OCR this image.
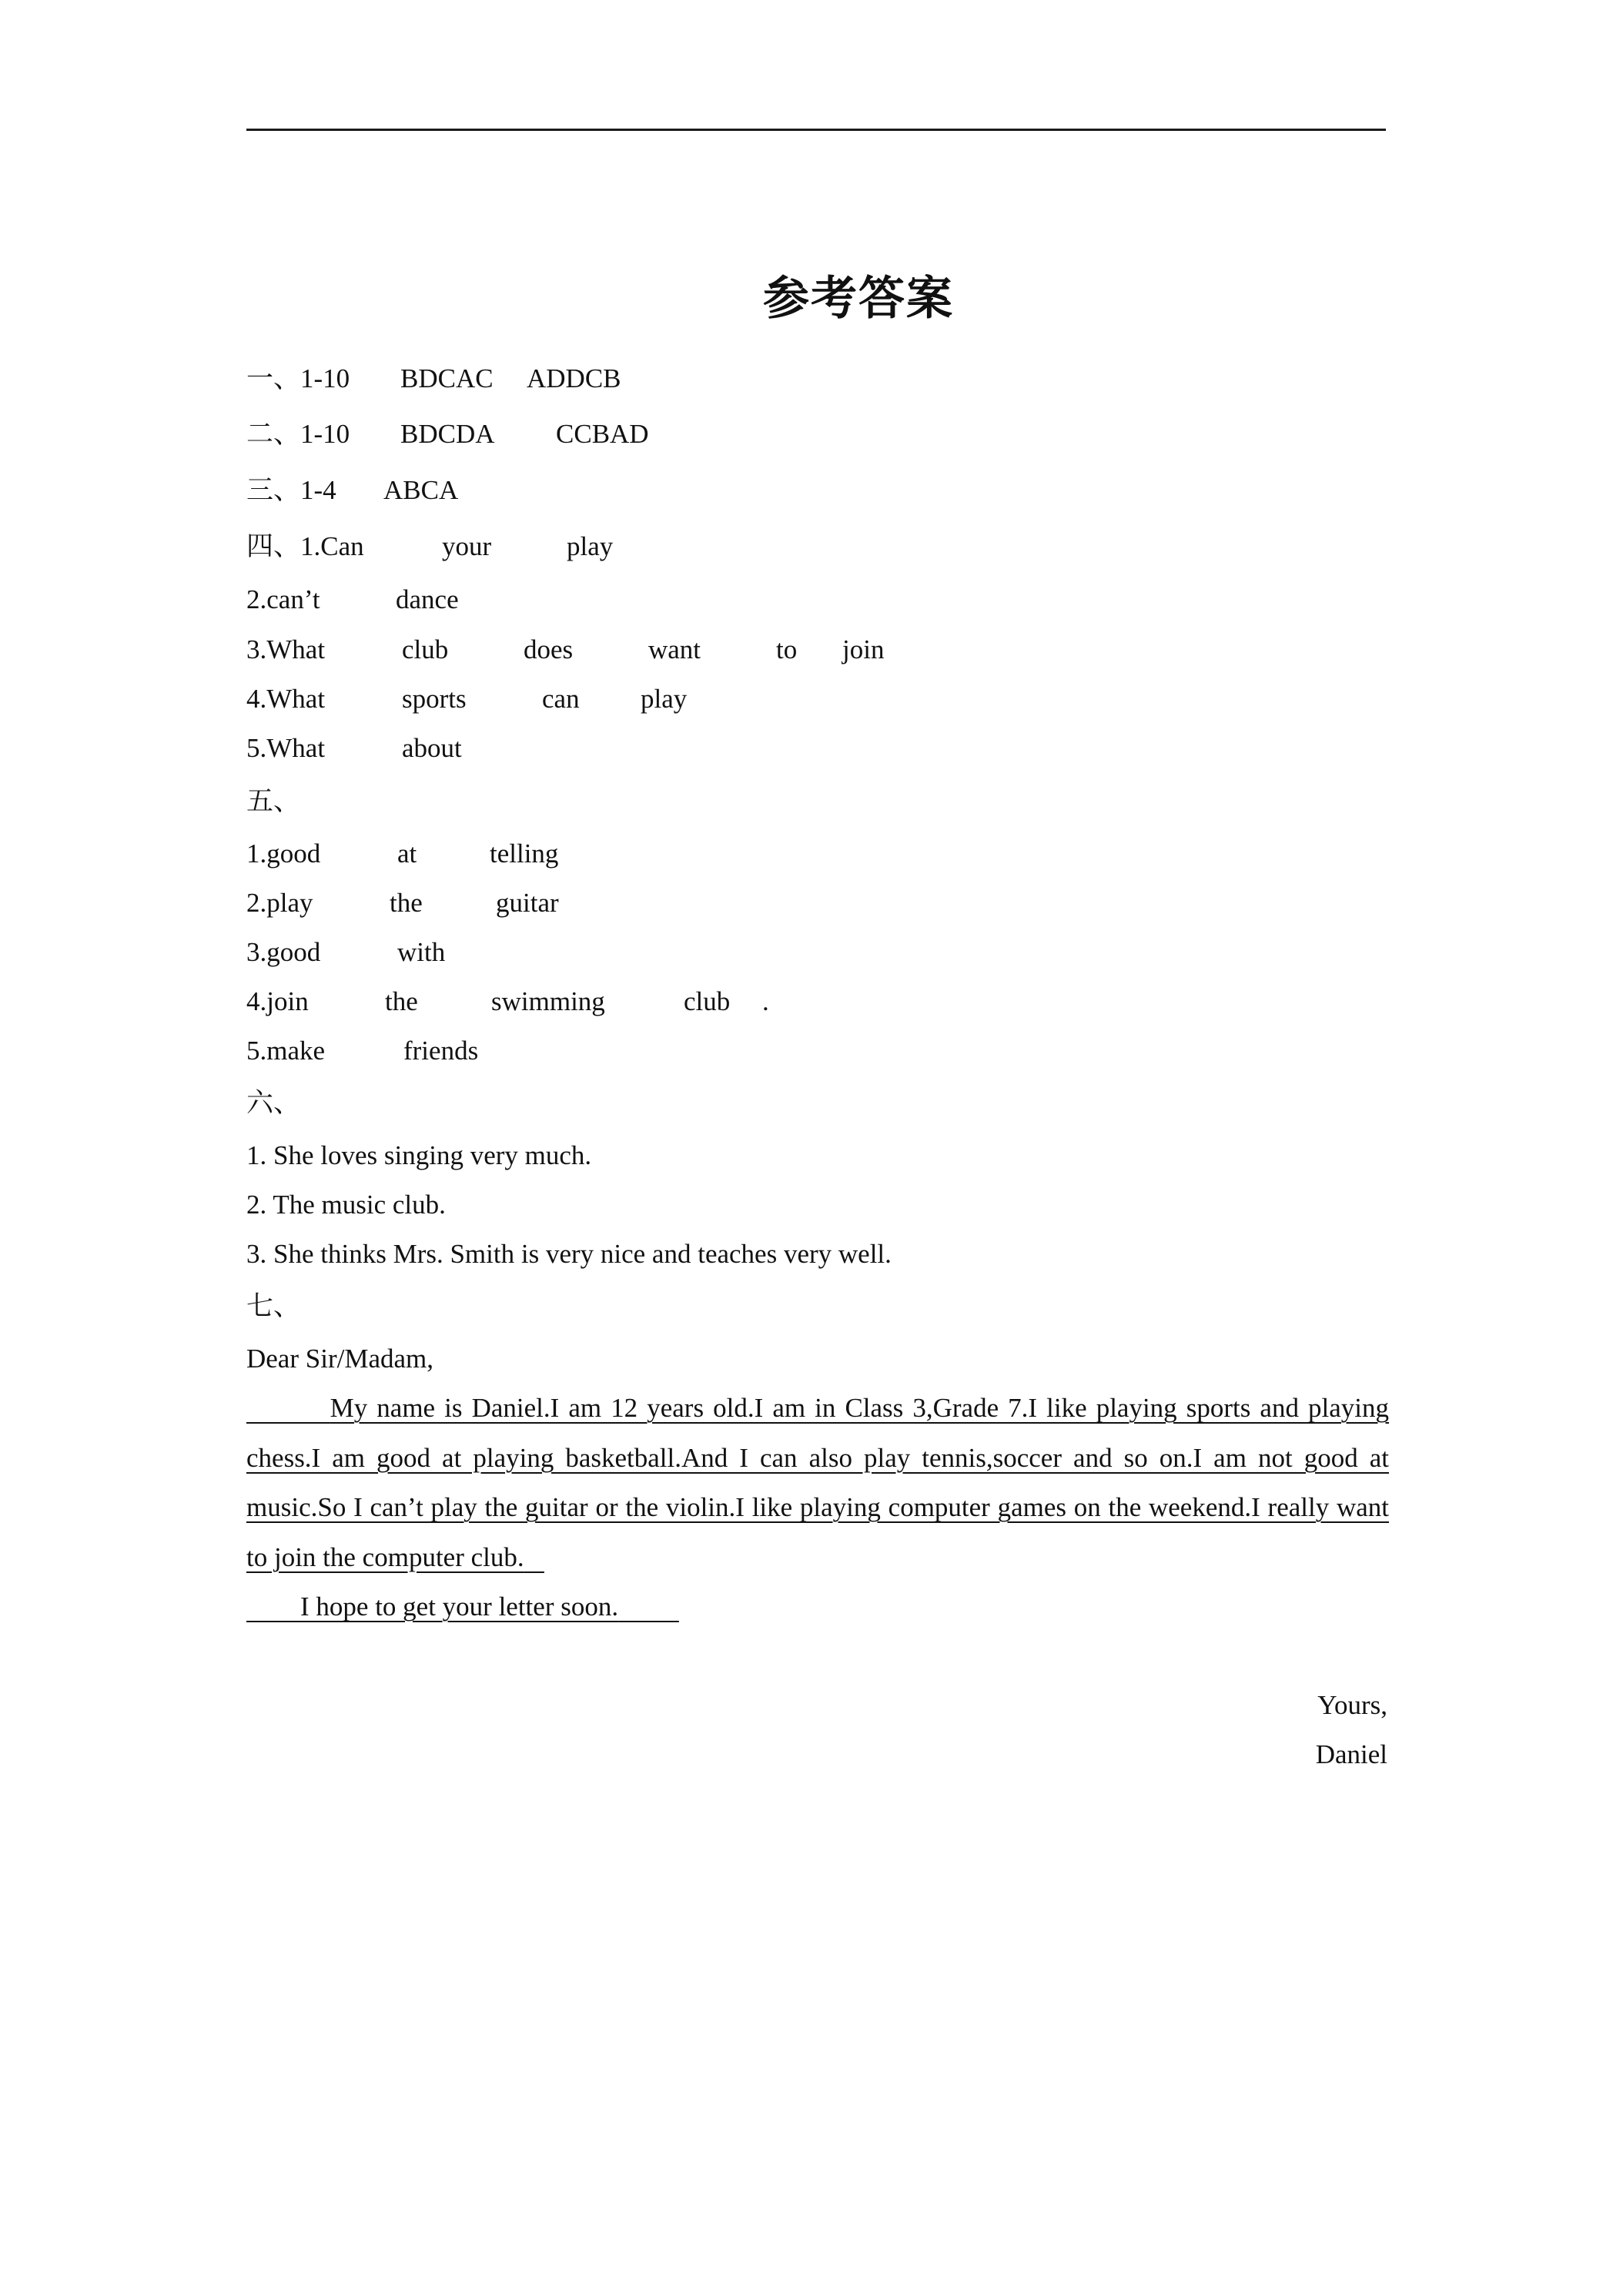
参考答案
一、1-10 BDCAC ADDCB
二、1-10 BDCDA CCBAD
三、1-4 ABCA
四、1.Can	your	play
2.can’t	dance
3.What	club	does	want	to join
4.What	sports	can play
5.What	about
五、
1.good	at	telling
2.play	the	guitar
3.good	with
4.join	the	swimming	club .
5.make	friends
六、
1. She loves singing very much.
2. The music club.
3. She thinks Mrs. Smith is very nice and teaches very well.
七、
Dear Sir/Madam,
My name is Daniel.I am 12 years old.I am in Class 3,Grade 7.I like playing sports and playing chess.I am good at playing basketball.And I can also play tennis,soccer and so on.I am not good at music.So I can’t play the guitar or the violin.I like playing computer games on the weekend.I really want to join the computer club.
I hope to get your letter soon.
Yours,
Daniel
